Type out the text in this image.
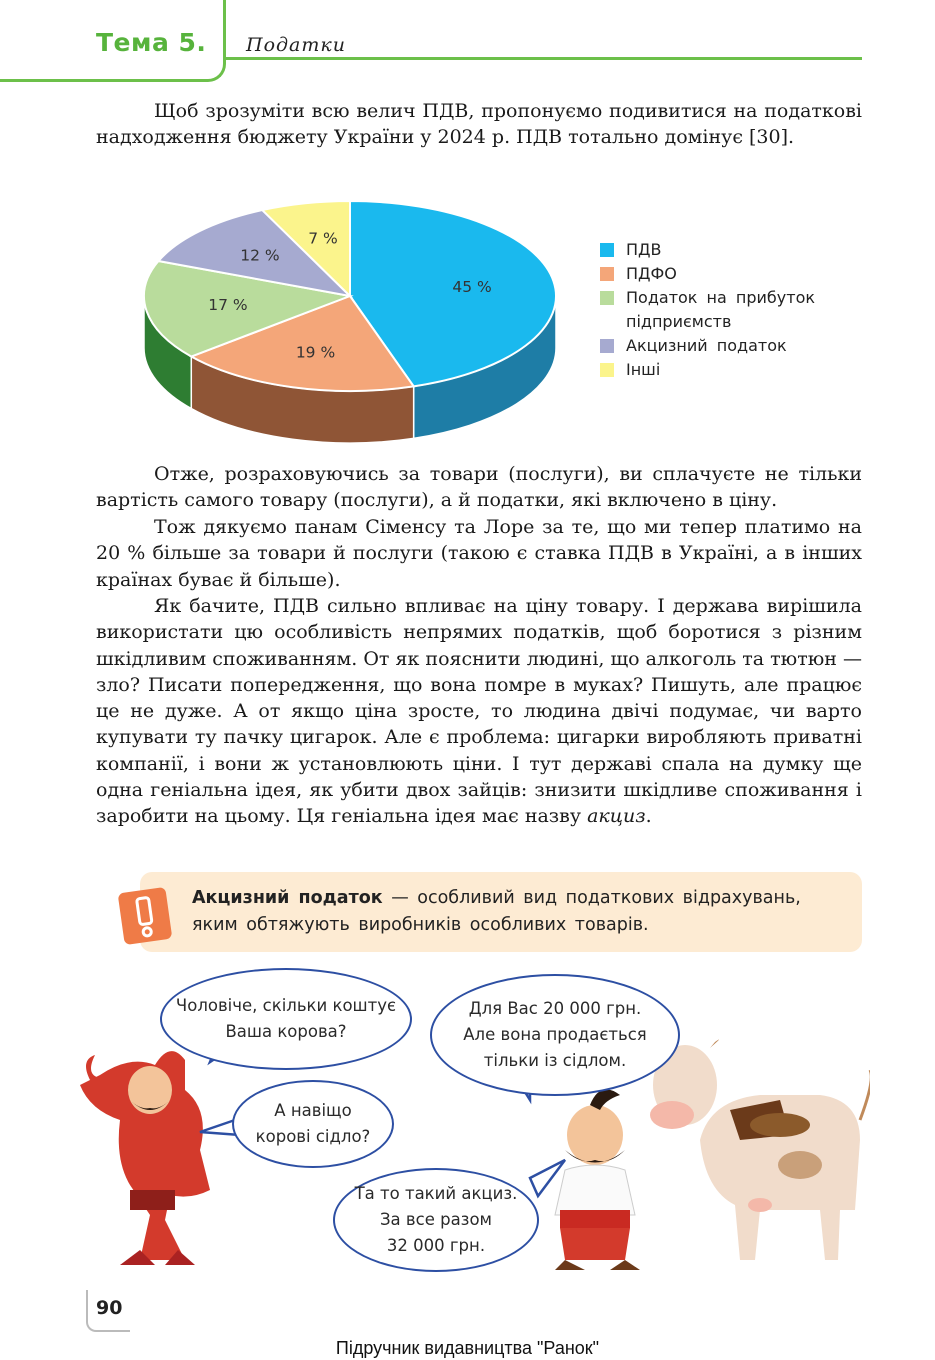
Тема 5. Податки

Щоб зрозуміти всю велич ПДВ, пропонуємо подивитися на податкові надходження бюджету України у 2024 р. ПДВ тотально домінує [30].

45 %
19 %
17 %
12 %
7 %
ПДВ
ПДФО
Податок на прибуток підприємств
Акцизний податок
Інші

Отже, розраховуючись за товари (послуги), ви сплачуєте не тільки вартість самого товару (послуги), а й податки, які включено в ціну.

Тож дякуємо панам Сіменсу та Лоре за те, що ми тепер платимо на 20 % більше за товари й послуги (такою є ставка ПДВ в Україні, а в інших країнах буває й більше).

Як бачите, ПДВ сильно впливає на ціну товару. І держава вирішила використати цю особливість непрямих податків, щоб боротися з різним шкідливим споживанням. От як пояснити людині, що алкоголь та тютюн — зло? Писати попередження, що вона помре в муках? Пишуть, але працює це не дуже. А от якщо ціна зросте, то людина двічі подумає, чи варто купувати ту пачку цигарок. Але є проблема: цигарки виробляють приватні компанії, і вони ж установлюють ціни. І тут державі спала на думку ще одна геніальна ідея, як убити двох зайців: знизити шкідливе споживання і заробити на цьому. Ця геніальна ідея має назву акциз.

Акцизний податок — особливий вид податкових відрахувань, яким обтяжують виробників особливих товарів.
Чоловіче, скільки коштує
Ваша корова?
Для Вас 20 000 грн.
Але вона продається
тільки із сідлом.
А навіщо
корові сідло?
Та то такий акциз.
За все разом
32 000 грн.
90
Підручник видавництва "Ранок"
